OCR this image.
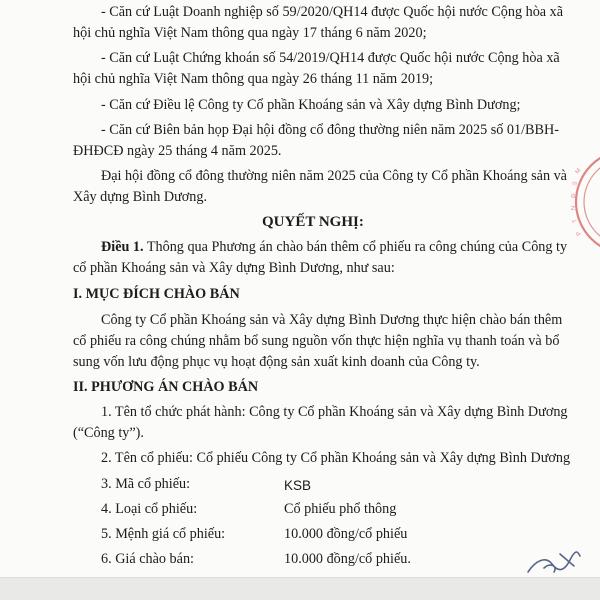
- Căn cứ Luật Doanh nghiệp số 59/2020/QH14 được Quốc hội nước Cộng hòa xã
hội chủ nghĩa Việt Nam thông qua ngày 17 tháng 6 năm 2020;
- Căn cứ Luật Chứng khoán số 54/2019/QH14 được Quốc hội nước Cộng hòa xã
hội chủ nghĩa Việt Nam thông qua ngày 26 tháng 11 năm 2019;
- Căn cứ Điều lệ Công ty Cổ phần Khoáng sản và Xây dựng Bình Dương;
- Căn cứ Biên bản họp Đại hội đồng cổ đông thường niên năm 2025 số 01/BBH-
ĐHĐCĐ ngày 25 tháng 4 năm 2025.
Đại hội đồng cổ đông thường niên năm 2025 của Công ty Cổ phần Khoáng sản và
Xây dựng Bình Dương.
QUYẾT NGHỊ:
Điều 1. Thông qua Phương án chào bán thêm cổ phiếu ra công chúng của Công ty
cổ phần Khoáng sản và Xây dựng Bình Dương, như sau:
I. MỤC ĐÍCH CHÀO BÁN
Công ty Cổ phần Khoáng sản và Xây dựng Bình Dương thực hiện chào bán thêm
cổ phiếu ra công chúng nhằm bổ sung nguồn vốn thực hiện nghĩa vụ thanh toán và bổ
sung vốn lưu động phục vụ hoạt động sản xuất kinh doanh của Công ty.
II. PHƯƠNG ÁN CHÀO BÁN
1. Tên tổ chức phát hành: Công ty Cổ phần Khoáng sản và Xây dựng Bình Dương
(“Công ty”).
2. Tên cổ phiếu: Cổ phiếu Công ty Cổ phần Khoáng sản và Xây dựng Bình Dương
3. Mã cổ phiếu:	KSB
4. Loại cổ phiếu:	Cổ phiếu phổ thông
5. Mệnh giá cổ phiếu:	10.000 đồng/cổ phiếu
6. Giá chào bán:	10.000 đồng/cổ phiếu.
M
S
Đ
N
T
P
